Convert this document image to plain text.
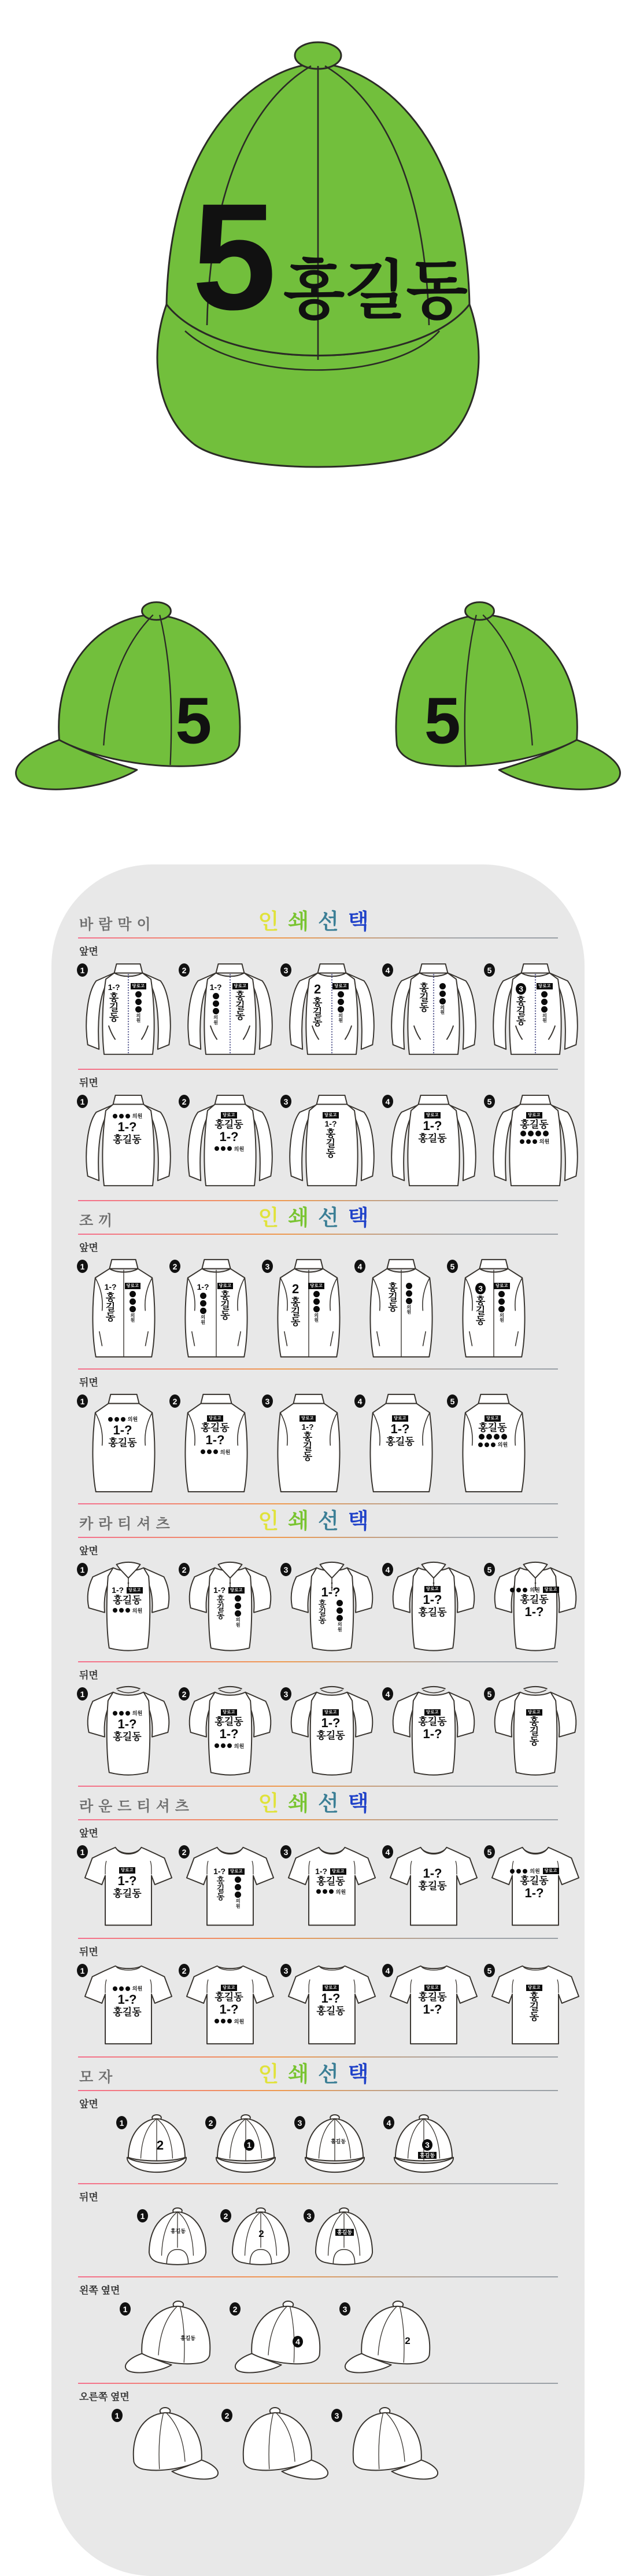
5 홍길동
5	5
바람막이	인쇄선택
앞면
1
1-?
홍
길
동
당로고
의
원
2
1-?
의
원
당로고
홍
길
동
3
2
홍
길
동
당로고
의
원
4
홍
길
동 의
원
5
3
홍
길
동
당로고
의
원
뒤면
1
의원
1-?
홍길동
2
당로고
홍길동
1-?
의원
3
당로고
1-?
홍
길
동
4
당로고
1-?
홍길동
5
당로고
홍길동
의원
조끼	인쇄선택
앞면
1
1-?
홍
길
동
당로고
의
원
2
1-?
의
원
당로고
홍
길
동
3
2
홍
길
동
당로고
의
원
4
홍
길
동 의
원
5
3
홍
길
동
당로고
의
원
뒤면
1
의원
1-?
홍길동
2
당로고
홍길동
1-?
의원
3
당로고
1-?
홍
길
동
4
당로고
1-?
홍길동
5
당로고
홍길동
의원
카라티셔츠	인쇄선택
앞면
1
1-?	당로고
홍길동
의원
2
1-?	당로고
홍
길
동 의
원
3
1-?
홍
길
동 의
원
4
당로고
1-?
홍길동
5
의원	당로고
홍길동
1-?
뒤면
1
의원
1-?
홍길동
2
당로고
홍길동
1-?
의원
3
당로고
1-?
홍길동
4
당로고
홍길동
1-?
5
당로고
홍
길
동
라운드티셔츠	인쇄선택
앞면
1
당로고
1-?
홍길동
2
1-?	당로고
홍
길
동 의
원
3
1-?	당로고
홍길동
의원
4
1-?
홍길동
5
의원	당로고
홍길동
1-?
뒤면
1
의원
1-?
홍길동
2
당로고
홍길동
1-?
의원
3
당로고
1-?
홍길동
4
당로고
홍길동
1-?
5
당로고
홍
길
동
모자	인쇄선택
앞면
1
2
2
1
3
홍길동
4
3
홍길동
뒤면
1
홍길동
2
2
3
홍길동
왼쪽 옆면
1
홍길동
2
4
3
2
오른쪽 옆면
1	2	3
